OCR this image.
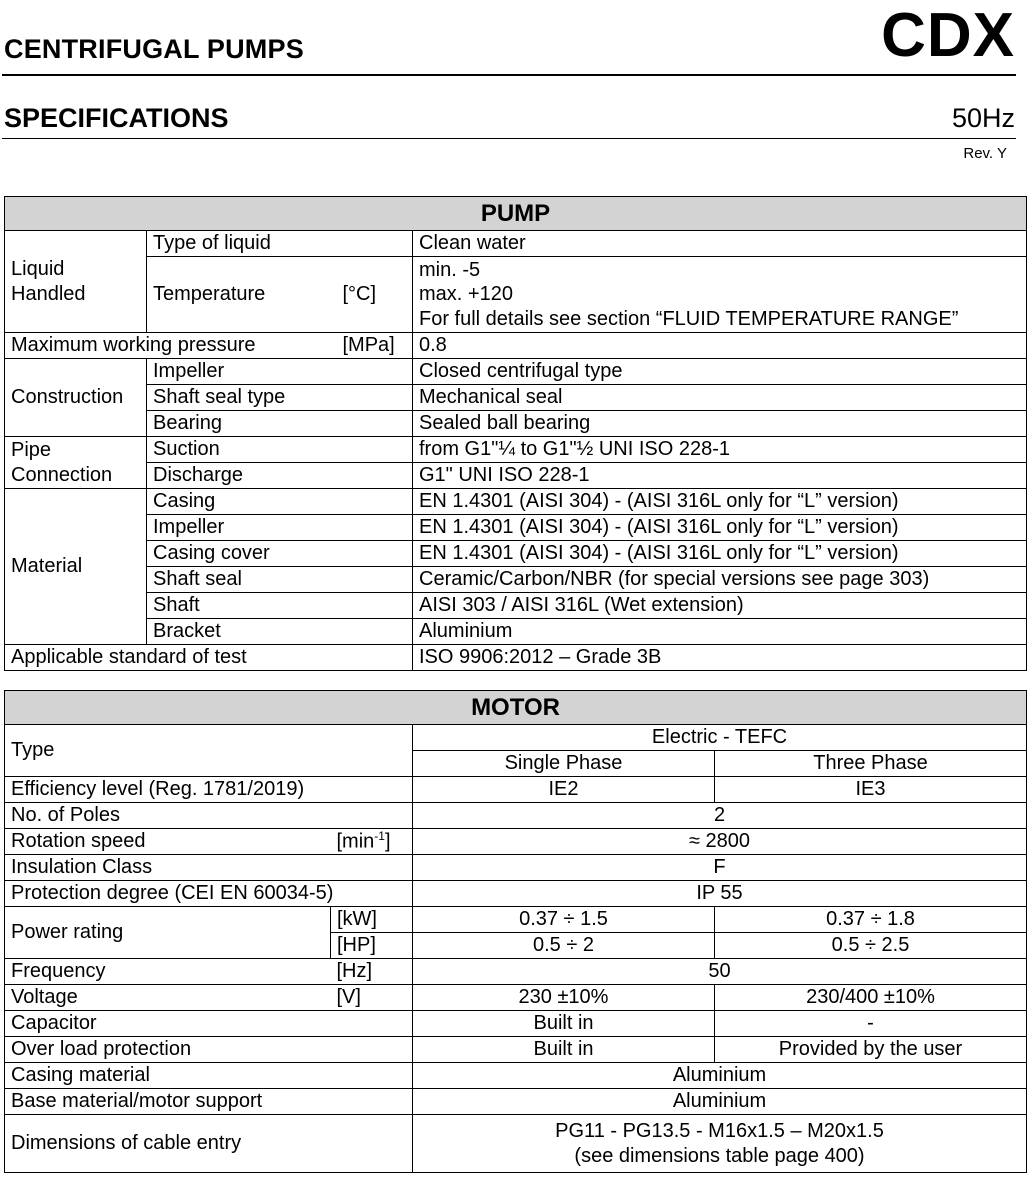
CENTRIFUGAL PUMPS	CDX
SPECIFICATIONS	50Hz
Rev. Y
PUMP			
Liquid
Handled	Type of liquid		Clean water
	Temperature	[°C]	min. -5
max. +120
For full details see section “FLUID TEMPERATURE RANGE”
Maximum working pressure		[MPa]	0.8
Construction	Impeller		Closed centrifugal type
	Shaft seal type		Mechanical seal
	Bearing		Sealed ball bearing
Pipe
Connection	Suction		from G1"¼ to G1"½ UNI ISO 228-1
	Discharge		G1" UNI ISO 228-1
Material	Casing		EN 1.4301 (AISI 304) - (AISI 316L only for “L” version)
	Impeller		EN 1.4301 (AISI 304) - (AISI 316L only for “L” version)
	Casing cover		EN 1.4301 (AISI 304) - (AISI 316L only for “L” version)
	Shaft seal		Ceramic/Carbon/NBR (for special versions see page 303)
	Shaft		AISI 303 / AISI 316L (Wet extension)
	Bracket		Aluminium
Applicable standard of test			ISO 9906:2012 – Grade 3B
MOTOR			
Type		Electric - TEFC	
		Single Phase	Three Phase
Efficiency level (Reg. 1781/2019)		IE2	IE3
No. of Poles		2	
Rotation speed	$[\min^{-1}]$	≈ 2800	
Insulation Class		F	
Protection degree (CEI EN 60034-5)		IP 55	
Power rating	[kW]	0.37 ÷ 1.5	0.37 ÷ 1.8
	[HP]	0.5 ÷ 2	0.5 ÷ 2.5
Frequency	[Hz]	50	
Voltage	[V]	230 ±10%	230/400 ±10%
Capacitor		Built in	-
Over load protection		Built in	Provided by the user
Casing material		Aluminium	
Base material/motor support		Aluminium	
Dimensions of cable entry		PG11 - PG13.5 - M16x1.5 – M20x1.5
(see dimensions table page 400)	
